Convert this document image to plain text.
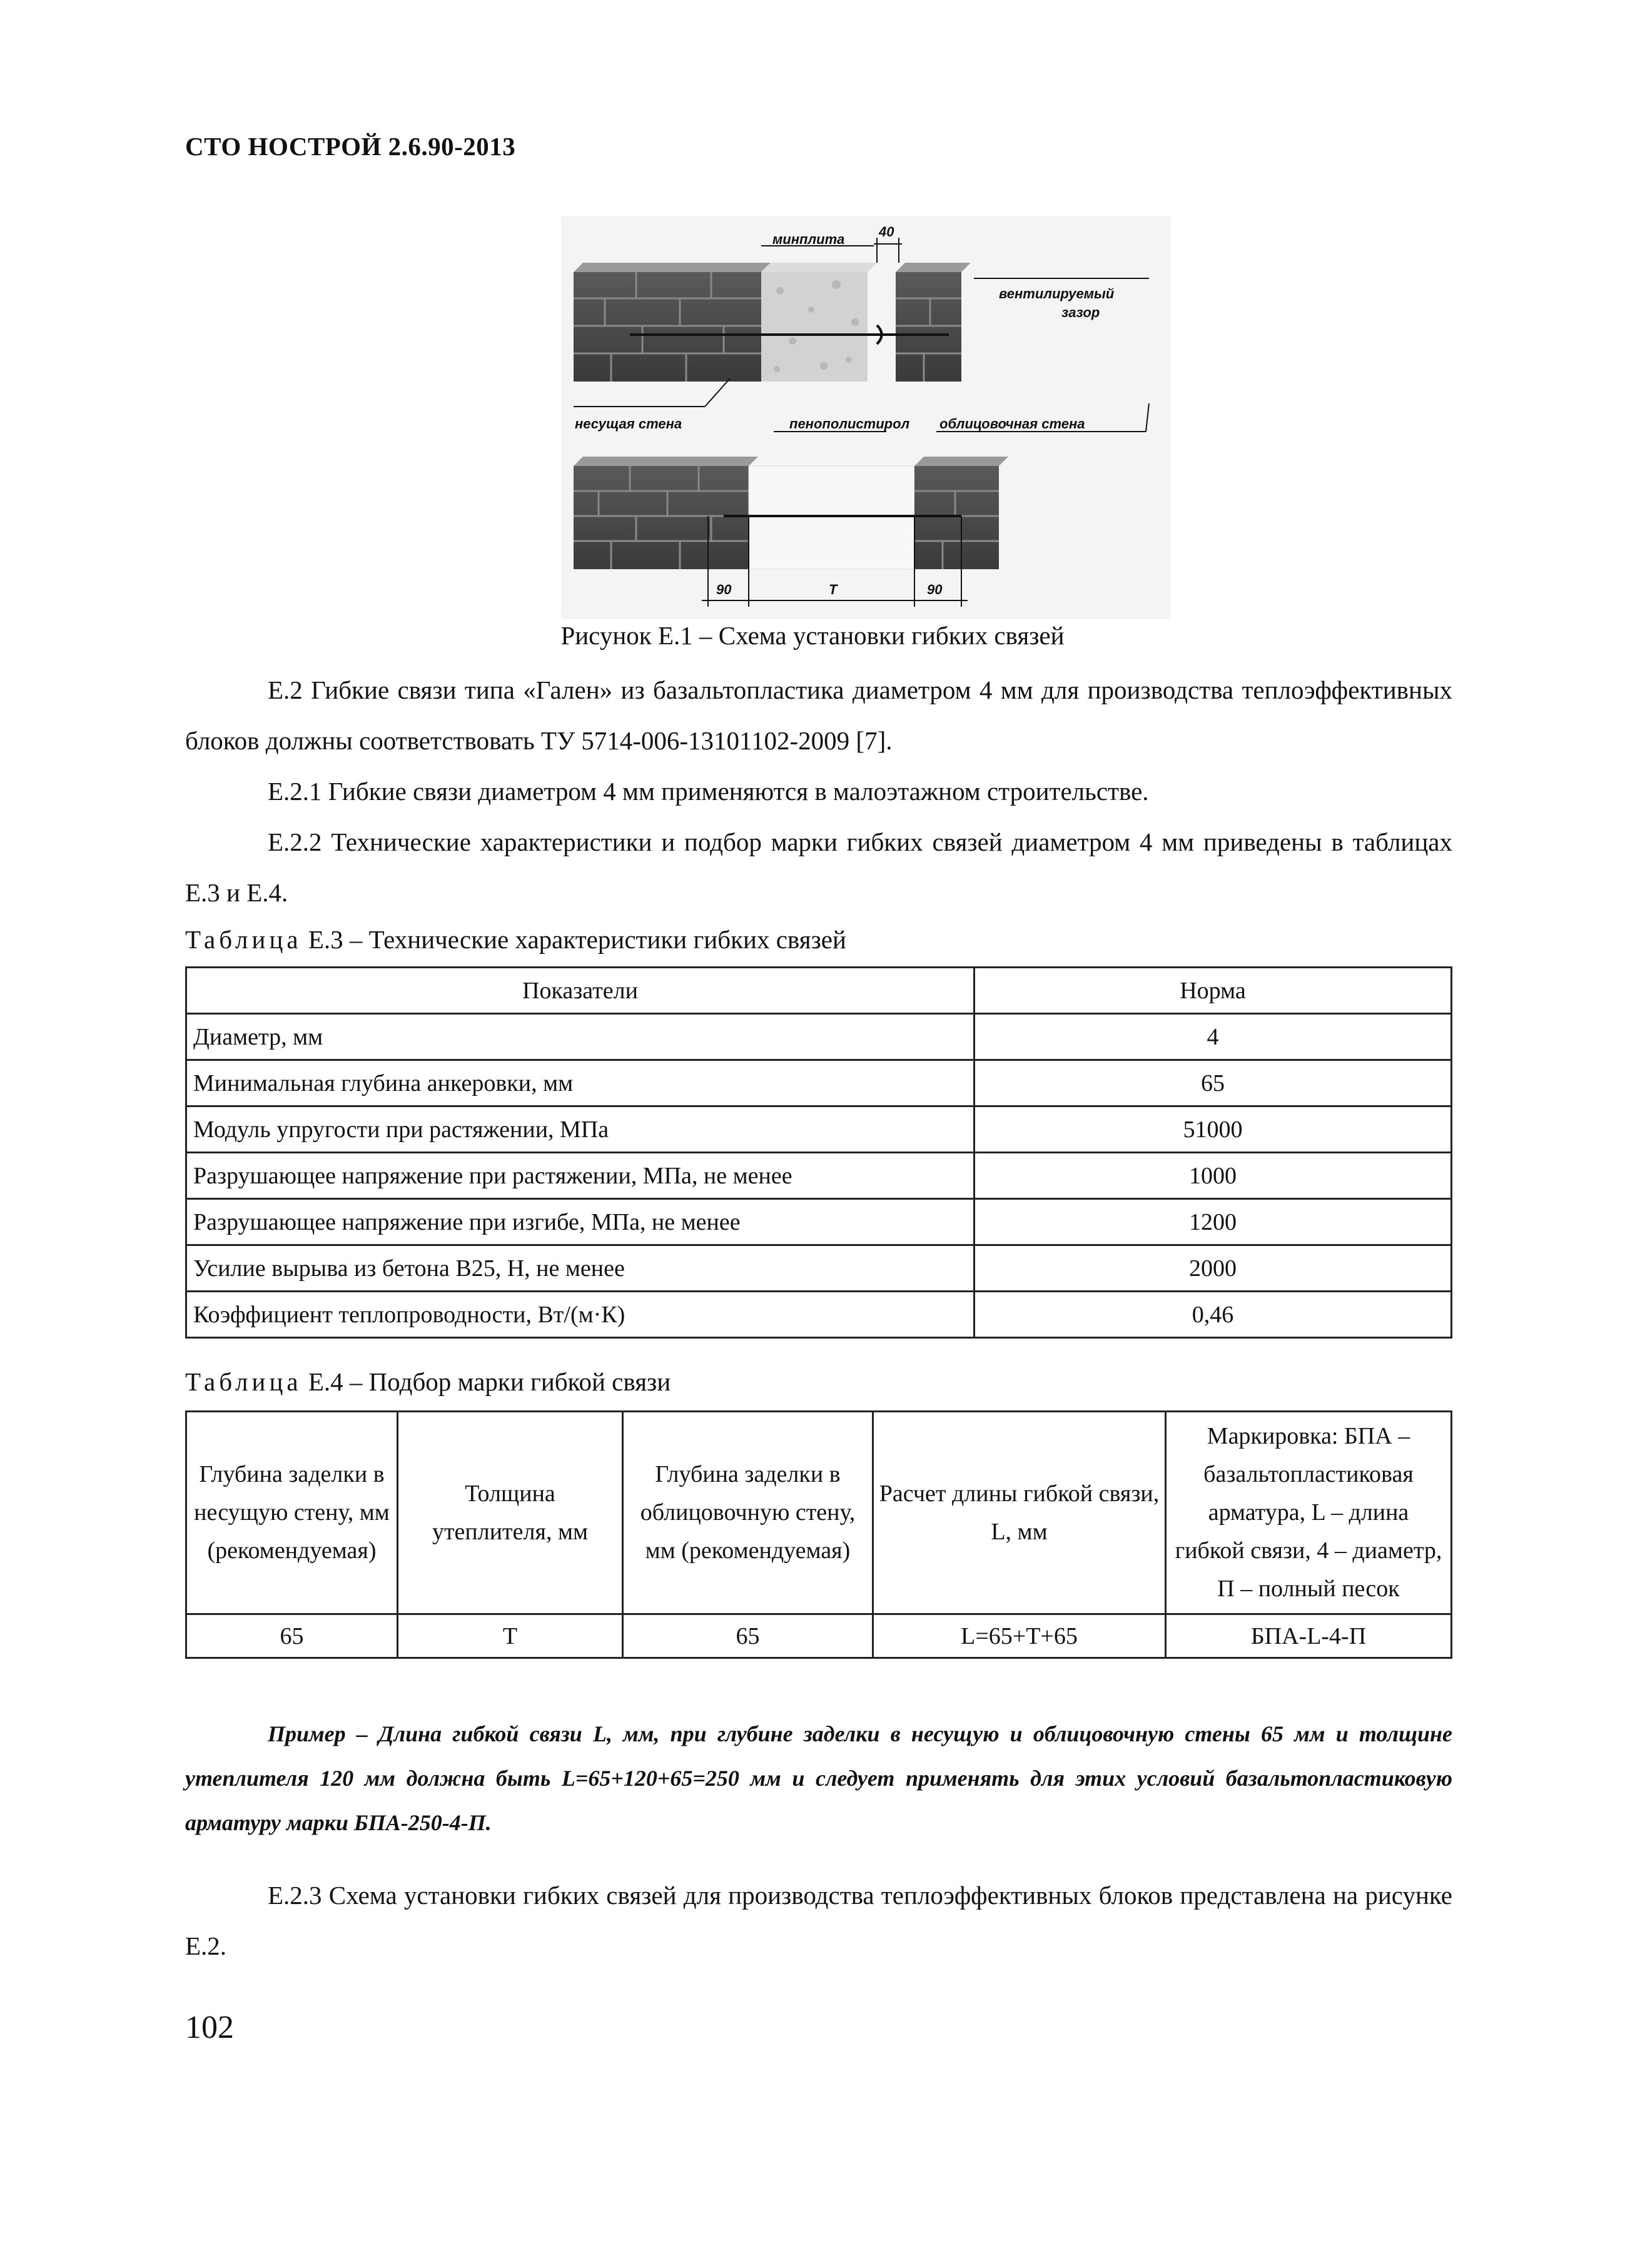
СТО НОСТРОЙ 2.6.90-2013
минплита 40
вентилируемый
зазор
несущая стена	пенополистирол облицовочная стена
90	T	90
Рисунок Е.1 – Схема установки гибких связей
Е.2 Гибкие связи типа «Гален» из базальтопластика диаметром 4 мм для производства теплоэффективных блоков должны соответствовать ТУ 5714-006-13101102-2009 [7].
Е.2.1 Гибкие связи диаметром 4 мм применяются в малоэтажном строительстве.
Е.2.2 Технические характеристики и подбор марки гибких связей диаметром 4 мм приведены в таблицах Е.3 и Е.4.
Таблица Е.3 – Технические характеристики гибких связей
Показатели	Норма
Диаметр, мм	4
Минимальная глубина анкеровки, мм	65
Модуль упругости при растяжении, МПа	51000
Разрушающее напряжение при растяжении, МПа, не менее	1000
Разрушающее напряжение при изгибе, МПа, не менее	1200
Усилие вырыва из бетона В25, Н, не менее	2000
Коэффициент теплопроводности, Вт/(м·К)	0,46
Таблица Е.4 – Подбор марки гибкой связи
Глубина заделки в несущую стену, мм (рекомендуемая)	Толщина утеплителя, мм	Глубина заделки в облицовочную стену, мм (рекомендуемая)	Расчет длины гибкой связи, L, мм	Маркировка: БПА – базальтопластиковая арматура, L – длина гибкой связи, 4 – диаметр, П – полный песок
65	Т	65	L=65+T+65	БПА-L-4-П
Пример – Длина гибкой связи L, мм, при глубине заделки в несущую и облицовочную стены 65 мм и толщине утеплителя 120 мм должна быть L=65+120+65=250 мм и следует применять для этих условий базальтопластиковую арматуру марки БПА-250-4-П.
Е.2.3 Схема установки гибких связей для производства теплоэффективных блоков представлена на рисунке Е.2.
102
